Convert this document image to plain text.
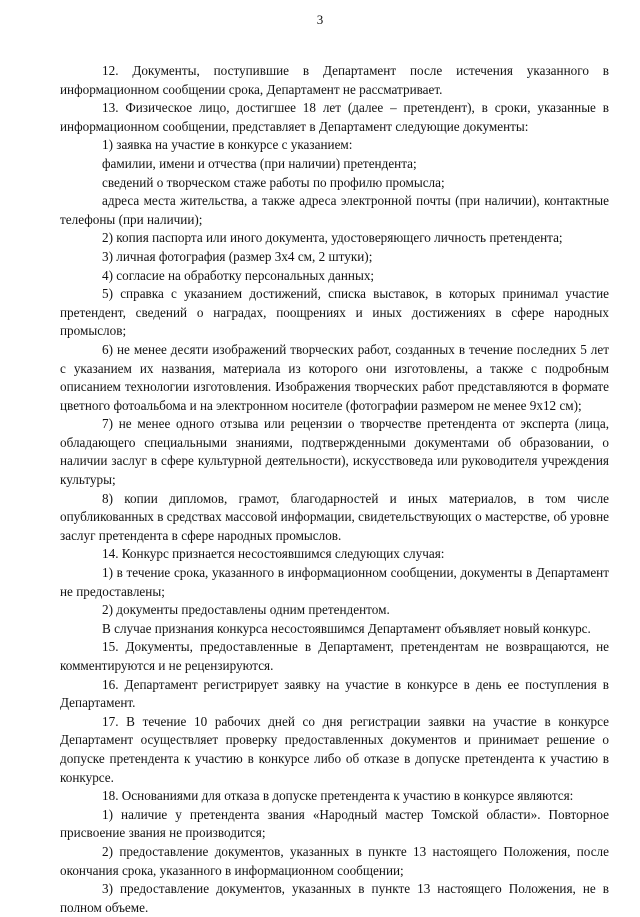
3

12. Документы, поступившие в Департамент после истечения указанного в информационном сообщении срока, Департамент не рассматривает.

13. Физическое лицо, достигшее 18 лет (далее – претендент), в сроки, указанные в информационном сообщении, представляет в Департамент следующие документы:

1) заявка на участие в конкурсе с указанием:

фамилии, имени и отчества (при наличии) претендента;

сведений о творческом стаже работы по профилю промысла;

адреса места жительства, а также адреса электронной почты (при наличии), контактные телефоны (при наличии);

2) копия паспорта или иного документа, удостоверяющего личность претендента;

3) личная фотография (размер 3х4 см, 2 штуки);

4) согласие на обработку персональных данных;

5) справка с указанием достижений, списка выставок, в которых принимал участие претендент, сведений о наградах, поощрениях и иных достижениях в сфере народных промыслов;

6) не менее десяти изображений творческих работ, созданных в течение последних 5 лет с указанием их названия, материала из которого они изготовлены, а также с подробным описанием технологии изготовления. Изображения творческих работ представляются в формате цветного фотоальбома и на электронном носителе (фотографии размером не менее 9х12 см);

7) не менее одного отзыва или рецензии о творчестве претендента от эксперта (лица, обладающего специальными знаниями, подтвержденными документами об образовании, о наличии заслуг в сфере культурной деятельности), искусствоведа или руководителя учреждения культуры;

8) копии дипломов, грамот, благодарностей и иных материалов, в том числе опубликованных в средствах массовой информации, свидетельствующих о мастерстве, об уровне заслуг претендента в сфере народных промыслов.

14. Конкурс признается несостоявшимся следующих случая:

1) в течение срока, указанного в информационном сообщении, документы в Департамент не предоставлены;

2) документы предоставлены одним претендентом.

В случае признания конкурса несостоявшимся Департамент объявляет новый конкурс.

15. Документы, предоставленные в Департамент, претендентам не возвращаются, не комментируются и не рецензируются.

16. Департамент регистрирует заявку на участие в конкурсе в день ее поступления в Департамент.

17. В течение 10 рабочих дней со дня регистрации заявки на участие в конкурсе Департамент осуществляет проверку предоставленных документов и принимает решение о допуске претендента к участию в конкурсе либо об отказе в допуске претендента к участию в конкурсе.

18. Основаниями для отказа в допуске претендента к участию в конкурсе являются:

1) наличие у претендента звания «Народный мастер Томской области». Повторное присвоение звания не производится;

2) предоставление документов, указанных в пункте 13 настоящего Положения, после окончания срока, указанного в информационном сообщении;

3) предоставление документов, указанных в пункте 13 настоящего Положения, не в полном объеме.
